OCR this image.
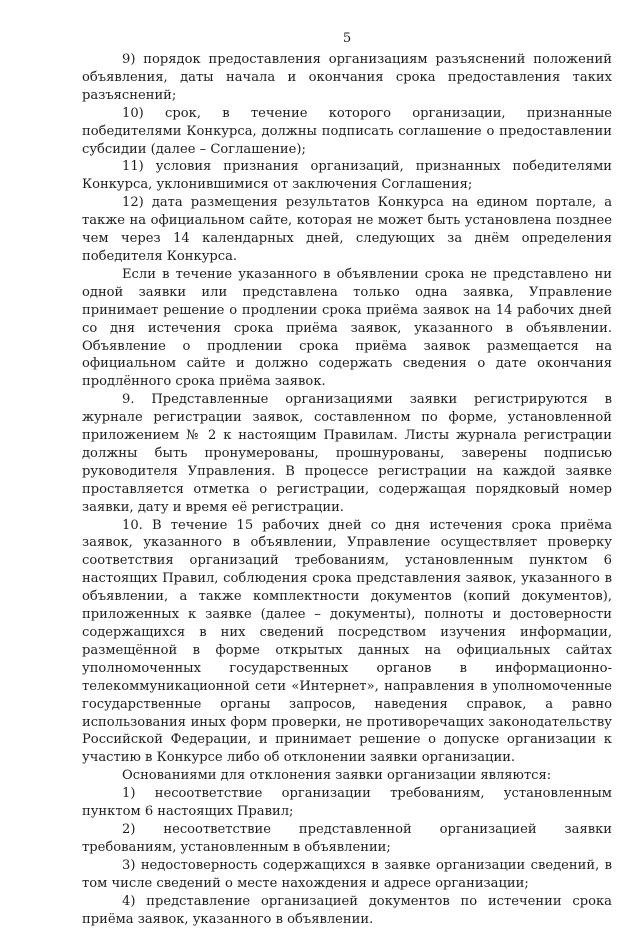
5

9) порядок предоставления организациям разъяснений положений объявления, даты начала и окончания срока предоставления таких разъяснений;

10) срок, в течение которого организации, признанные победителями Конкурса, должны подписать соглашение о предоставлении субсидии (далее – Соглашение);

11) условия признания организаций, признанных победителями Конкурса, уклонившимися от заключения Соглашения;

12) дата размещения результатов Конкурса на едином портале, а также на официальном сайте, которая не может быть установлена позднее чем через 14 календарных дней, следующих за днём определения победителя Конкурса.

Если в течение указанного в объявлении срока не представлено ни одной заявки или представлена только одна заявка, Управление принимает решение о продлении срока приёма заявок на 14 рабочих дней со дня истечения срока приёма заявок, указанного в объявлении. Объявление о продлении срока приёма заявок размещается на официальном сайте и должно содержать сведения о дате окончания продлённого срока приёма заявок.

9. Представленные организациями заявки регистрируются в журнале регистрации заявок, составленном по форме, установленной приложением № 2 к настоящим Правилам. Листы журнала регистрации должны быть пронумерованы, прошнурованы, заверены подписью руководителя Управления. В процессе регистрации на каждой заявке проставляется отметка о регистрации, содержащая порядковый номер заявки, дату и время её регистрации.

10. В течение 15 рабочих дней со дня истечения срока приёма заявок, указанного в объявлении, Управление осуществляет проверку соответствия организаций требованиям, установленным пунктом 6 настоящих Правил, соблюдения срока представления заявок, указанного в объявлении, а также комплектности документов (копий документов), приложенных к заявке (далее – документы), полноты и достоверности содержащихся в них сведений посредством изучения информации, размещённой в форме открытых данных на официальных сайтах уполномоченных государственных органов в информационно-телекоммуникационной сети «Интернет», направления в уполномоченные государственные органы запросов, наведения справок, а равно использования иных форм проверки, не противоречащих законодательству Российской Федерации, и принимает решение о допуске организации к участию в Конкурсе либо об отклонении заявки организации.

Основаниями для отклонения заявки организации являются:

1) несоответствие организации требованиям, установленным пунктом 6 настоящих Правил;

2) несоответствие представленной организацией заявки требованиям, установленным в объявлении;

3) недостоверность содержащихся в заявке организации сведений, в том числе сведений о месте нахождения и адресе организации;

4) представление организацией документов по истечении срока приёма заявок, указанного в объявлении.
